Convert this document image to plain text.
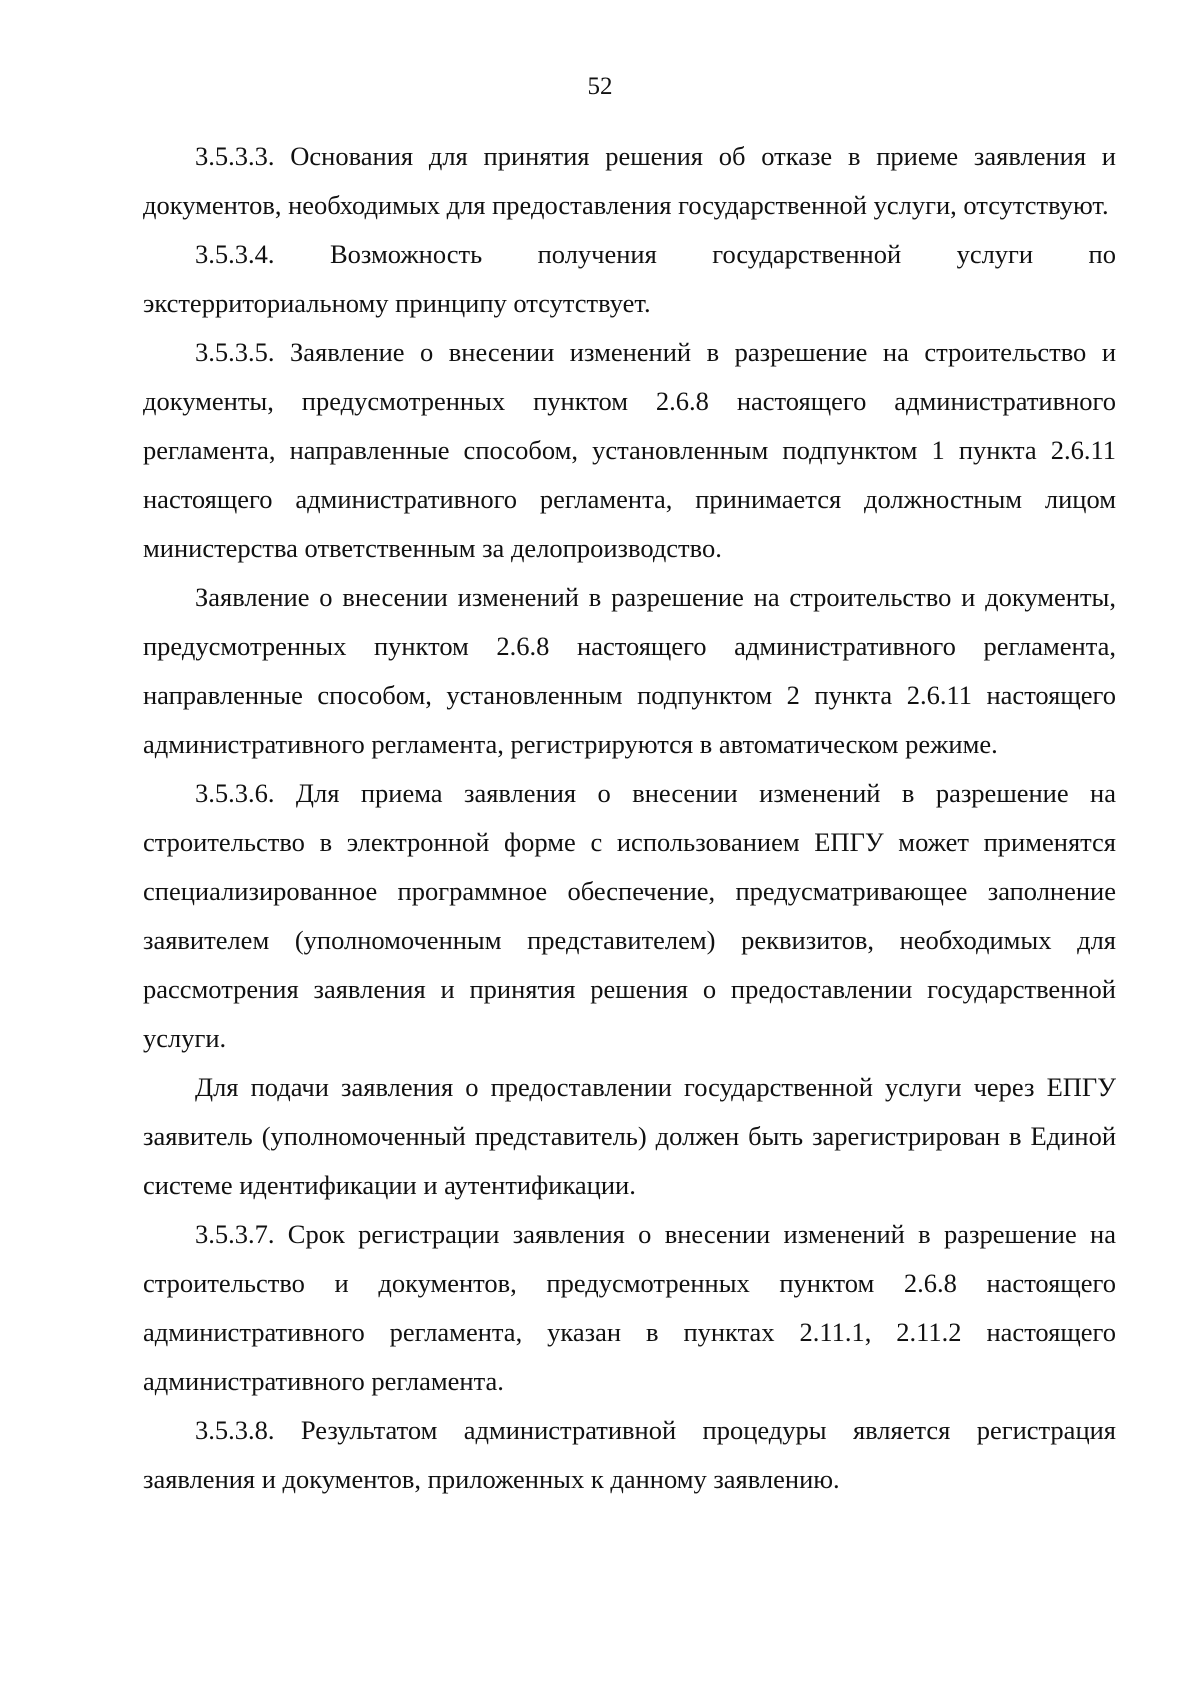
52

3.5.3.3. Основания для принятия решения об отказе в приеме заявления и документов, необходимых для предоставления государственной услуги, отсутствуют.

3.5.3.4. Возможность получения государственной услуги по экстерриториальному принципу отсутствует.

3.5.3.5. Заявление о внесении изменений в разрешение на строительство и документы, предусмотренных пунктом 2.6.8 настоящего административного регламента, направленные способом, установленным подпунктом 1 пункта 2.6.11 настоящего административного регламента, принимается должностным лицом министерства ответственным за делопроизводство.

Заявление о внесении изменений в разрешение на строительство и документы, предусмотренных пунктом 2.6.8 настоящего административного регламента, направленные способом, установленным подпунктом 2 пункта 2.6.11 настоящего административного регламента, регистрируются в автоматическом режиме.

3.5.3.6. Для приема заявления о внесении изменений в разрешение на строительство в электронной форме с использованием ЕПГУ может применятся специализированное программное обеспечение, предусматривающее заполнение заявителем (уполномоченным представителем) реквизитов, необходимых для рассмотрения заявления и принятия решения о предоставлении государственной услуги.

Для подачи заявления о предоставлении государственной услуги через ЕПГУ заявитель (уполномоченный представитель) должен быть зарегистрирован в Единой системе идентификации и аутентификации.

3.5.3.7. Срок регистрации заявления о внесении изменений в разрешение на строительство и документов, предусмотренных пунктом 2.6.8 настоящего административного регламента, указан в пунктах 2.11.1, 2.11.2 настоящего административного регламента.

3.5.3.8. Результатом административной процедуры является регистрация заявления и документов, приложенных к данному заявлению.
